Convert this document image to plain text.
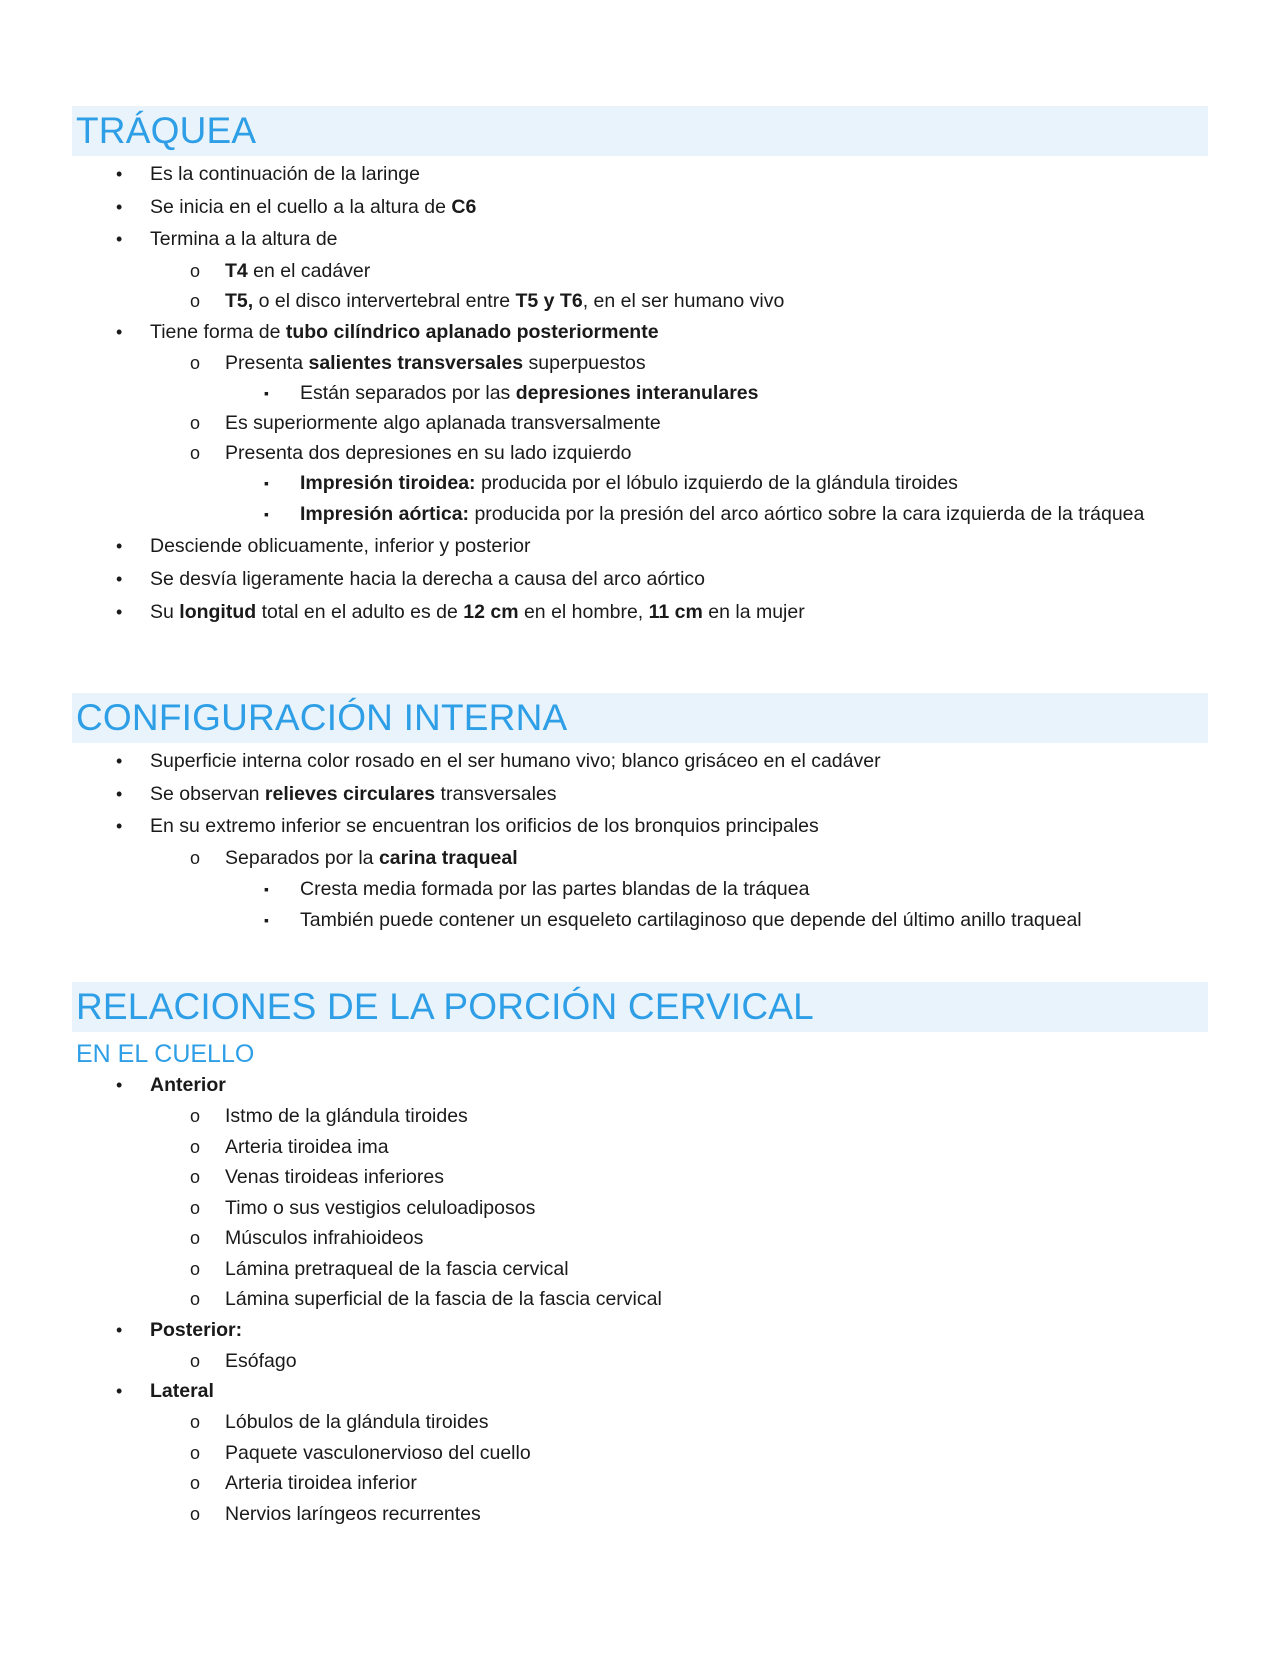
TRÁQUEA
• Es la continuación de la laringe
• Se inicia en el cuello a la altura de C6
• Termina a la altura de
o T4 en el cadáver
o T5, o el disco intervertebral entre T5 y T6, en el ser humano vivo
• Tiene forma de tubo cilíndrico aplanado posteriormente
o Presenta salientes transversales superpuestos
▪ Están separados por las depresiones interanulares
o Es superiormente algo aplanada transversalmente
o Presenta dos depresiones en su lado izquierdo
▪ Impresión tiroidea: producida por el lóbulo izquierdo de la glándula tiroides
▪ Impresión aórtica: producida por la presión del arco aórtico sobre la cara izquierda de la tráquea
• Desciende oblicuamente, inferior y posterior
• Se desvía ligeramente hacia la derecha a causa del arco aórtico
• Su longitud total en el adulto es de 12 cm en el hombre, 11 cm en la mujer
CONFIGURACIÓN INTERNA
• Superficie interna color rosado en el ser humano vivo; blanco grisáceo en el cadáver
• Se observan relieves circulares transversales
• En su extremo inferior se encuentran los orificios de los bronquios principales
o Separados por la carina traqueal
▪ Cresta media formada por las partes blandas de la tráquea
▪ También puede contener un esqueleto cartilaginoso que depende del último anillo traqueal
RELACIONES DE LA PORCIÓN CERVICAL
EN EL CUELLO
• Anterior
o Istmo de la glándula tiroides
o Arteria tiroidea ima
o Venas tiroideas inferiores
o Timo o sus vestigios celuloadiposos
o Músculos infrahioideos
o Lámina pretraqueal de la fascia cervical
o Lámina superficial de la fascia de la fascia cervical
• Posterior:
o Esófago
• Lateral
o Lóbulos de la glándula tiroides
o Paquete vasculonervioso del cuello
o Arteria tiroidea inferior
o Nervios laríngeos recurrentes
